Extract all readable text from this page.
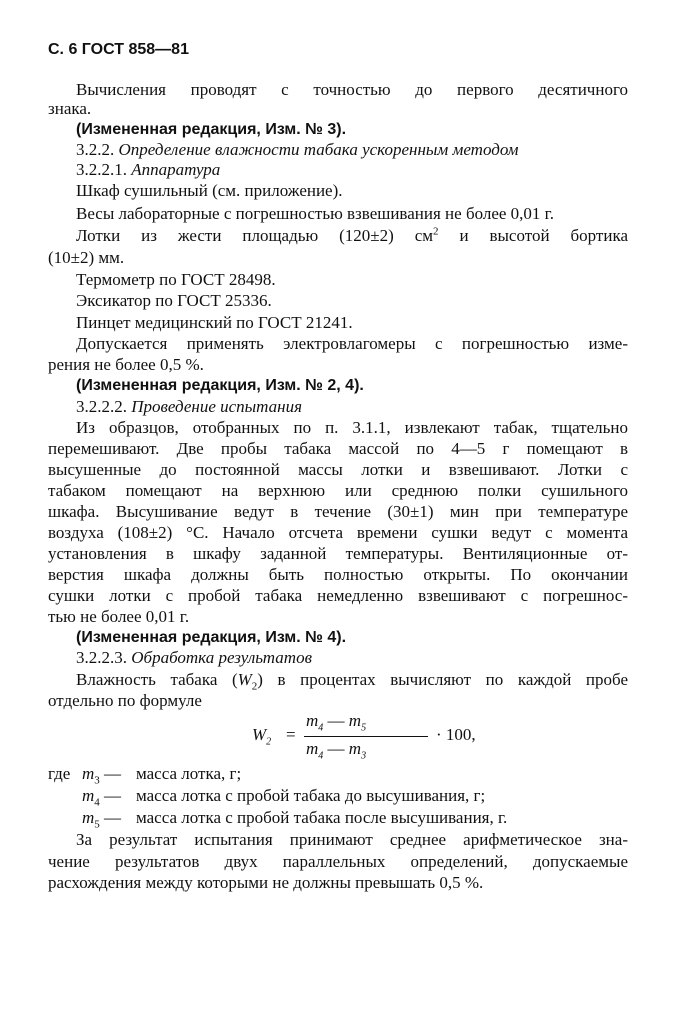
С. 6 ГОСТ 858—81
Вычисления проводят с точностью до первого десятичного
знака.
(Измененная редакция, Изм. № 3).
3.2.2. Определение влажности табака ускоренным методом
3.2.2.1. Аппаратура
Шкаф сушильный (см. приложение).
Весы лабораторные с погрешностью взвешивания не более 0,01 г.
Лотки из жести площадью (120±2) $см^2$ и высотой бортика
(10±2) мм.
Термометр по ГОСТ 28498.
Эксикатор по ГОСТ 25336.
Пинцет медицинский по ГОСТ 21241.
Допускается применять электровлагомеры с погрешностью изме-
рения не более 0,5 %.
(Измененная редакция, Изм. № 2, 4).
3.2.2.2. Проведение испытания
Из образцов, отобранных по п. 3.1.1, извлекают табак, тщательно
перемешивают. Две пробы табака массой по 4—5 г помещают в
высушенные до постоянной массы лотки и взвешивают. Лотки с
табаком помещают на верхнюю или среднюю полки сушильного
шкафа. Высушивание ведут в течение (30±1) мин при температуре
воздуха (108±2) °С. Начало отсчета времени сушки ведут с момента
установления в шкафу заданной температуры. Вентиляционные от-
верстия шкафа должны быть полностью открыты. По окончании
сушки лотки с пробой табака немедленно взвешивают с погрешнос-
тью не более 0,01 г.
(Измененная редакция, Изм. № 4).
3.2.2.3. Обработка результатов
Влажность табака $(W_2)$ в процентах вычисляют по каждой пробе
отдельно по формуле
$W_2$ =
$m_4$ — $m_5$
$m_4$ — $m_3$
· 100,
где $m_3$ — масса лотка, г;
$m_4$ — масса лотка с пробой табака до высушивания, г;
$m_5$ — масса лотка с пробой табака после высушивания, г.
За результат испытания принимают среднее арифметическое зна-
чение результатов двух параллельных определений, допускаемые
расхождения между которыми не должны превышать 0,5 %.
